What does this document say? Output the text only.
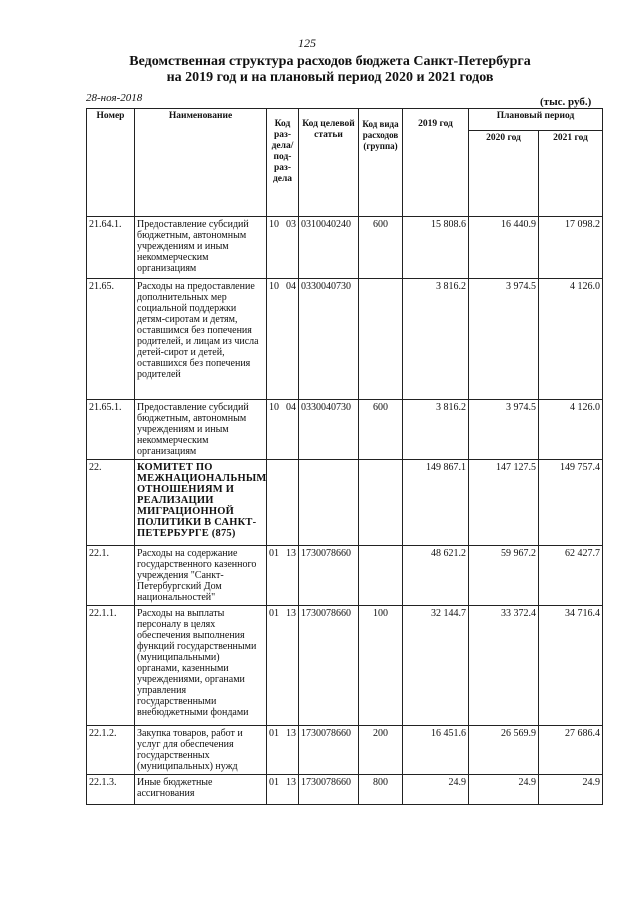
125
Ведомственная структура расходов бюджета Санкт-Петербурга
на 2019 год и на плановый период 2020 и 2021 годов
28-ноя-2018	(тыс. руб.)
Номер	Наименование	Код раз- дела/ под- раз- дела	Код целевой статьи	Код вида расходов (группа)	2019 год	Плановый период	
						2020 год	2021 год
21.64.1.	Предоставление субсидий бюджетным, автономным учреждениям и иным некоммерческим организациям	10 03	0310040240	600	15 808.6	16 440.9	17 098.2
21.65.	Расходы на предоставление дополнительных мер социальной поддержки детям-сиротам и детям, оставшимся без попечения родителей, и лицам из числа детей-сирот и детей, оставшихся без попечения родителей	10 04	0330040730		3 816.2	3 974.5	4 126.0
21.65.1.	Предоставление субсидий бюджетным, автономным учреждениям и иным некоммерческим организациям	10 04	0330040730	600	3 816.2	3 974.5	4 126.0
22.	КОМИТЕТ ПО МЕЖНАЦИОНАЛЬНЫМ ОТНОШЕНИЯМ И РЕАЛИЗАЦИИ МИГРАЦИОННОЙ ПОЛИТИКИ В САНКТ-ПЕТЕРБУРГЕ (875)				149 867.1	147 127.5	149 757.4
22.1.	Расходы на содержание государственного казенного учреждения "Санкт-Петербургский Дом национальностей"	01 13	1730078660		48 621.2	59 967.2	62 427.7
22.1.1.	Расходы на выплаты персоналу в целях обеспечения выполнения функций государственными (муниципальными) органами, казенными учреждениями, органами управления государственными внебюджетными фондами	01 13	1730078660	100	32 144.7	33 372.4	34 716.4
22.1.2.	Закупка товаров, работ и услуг для обеспечения государственных (муниципальных) нужд	01 13	1730078660	200	16 451.6	26 569.9	27 686.4
22.1.3.	Иные бюджетные ассигнования	01 13	1730078660	800	24.9	24.9	24.9
